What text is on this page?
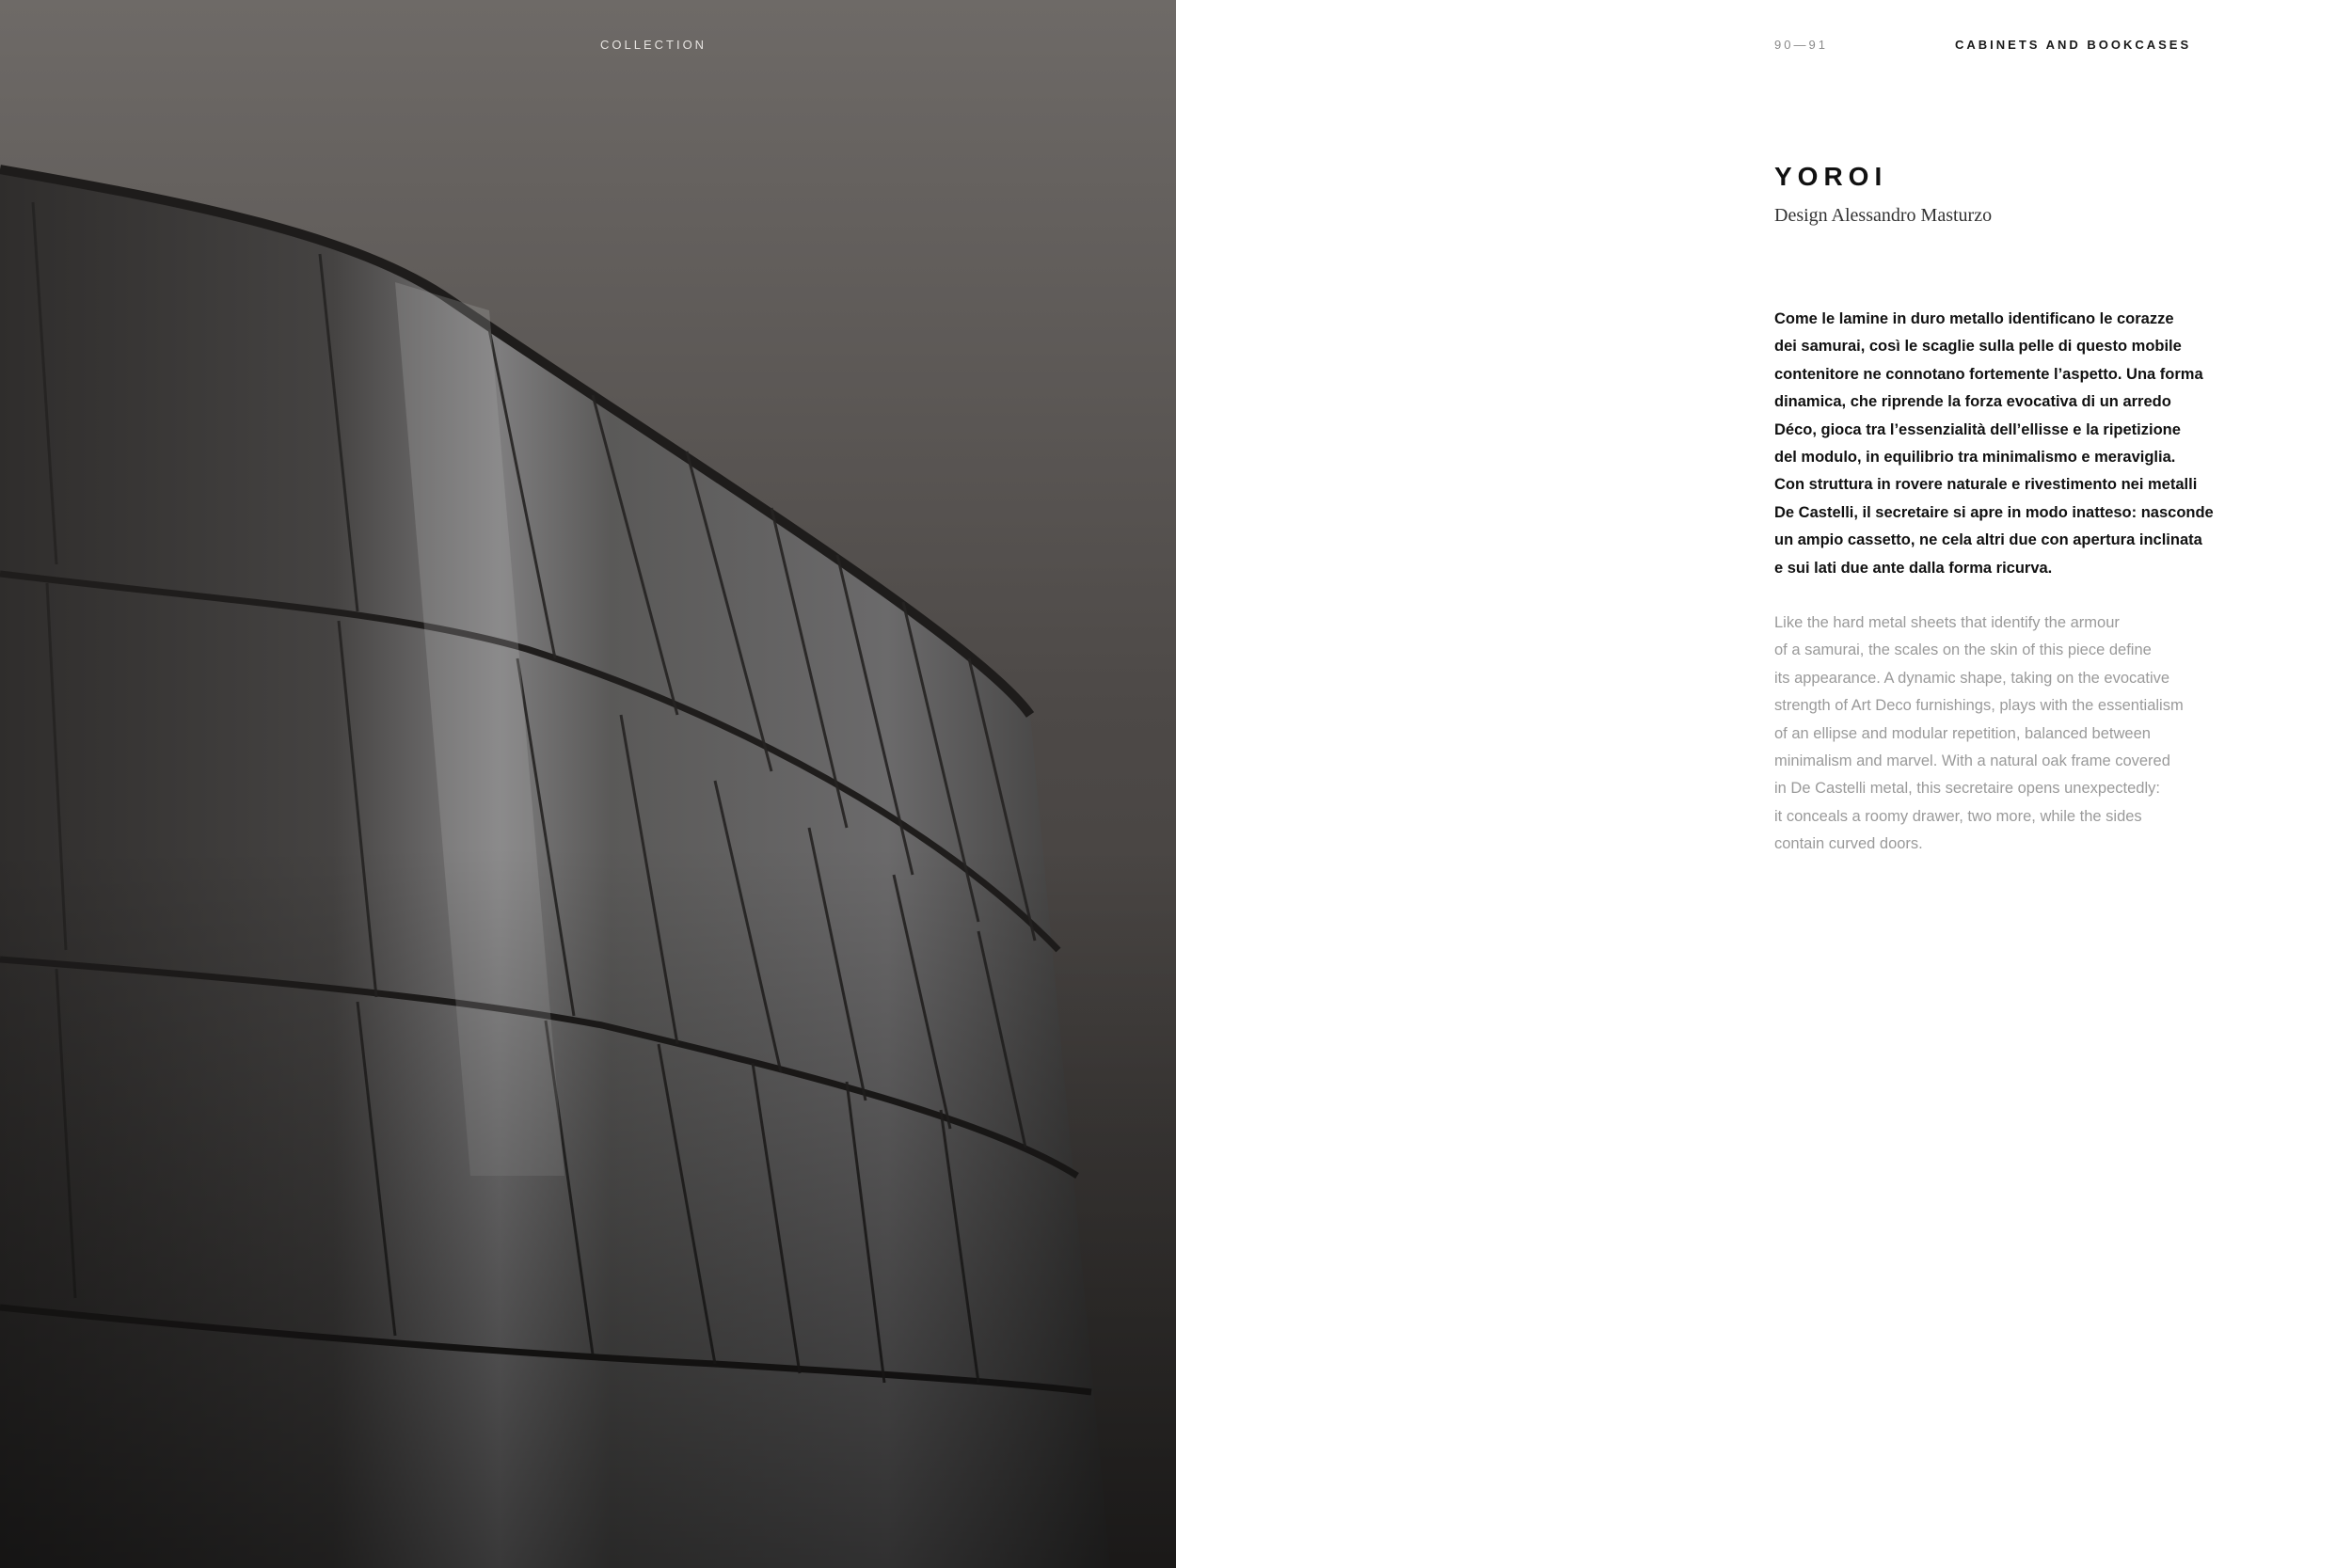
COLLECTION	90—91	CABINETS AND BOOKCASES
YOROI
Design Alessandro Masturzo
Come le lamine in duro metallo identificano le corazze
dei samurai, così le scaglie sulla pelle di questo mobile
contenitore ne connotano fortemente l’aspetto. Una forma
dinamica, che riprende la forza evocativa di un arredo
Déco, gioca tra l’essenzialità dell’ellisse e la ripetizione
del modulo, in equilibrio tra minimalismo e meraviglia.
Con struttura in rovere naturale e rivestimento nei metalli
De Castelli, il secretaire si apre in modo inatteso: nasconde
un ampio cassetto, ne cela altri due con apertura inclinata
e sui lati due ante dalla forma ricurva.
Like the hard metal sheets that identify the armour
of a samurai, the scales on the skin of this piece define
its appearance. A dynamic shape, taking on the evocative
strength of Art Deco furnishings, plays with the essentialism
of an ellipse and modular repetition, balanced between
minimalism and marvel. With a natural oak frame covered
in De Castelli metal, this secretaire opens unexpectedly:
it conceals a roomy drawer, two more, while the sides
contain curved doors.
